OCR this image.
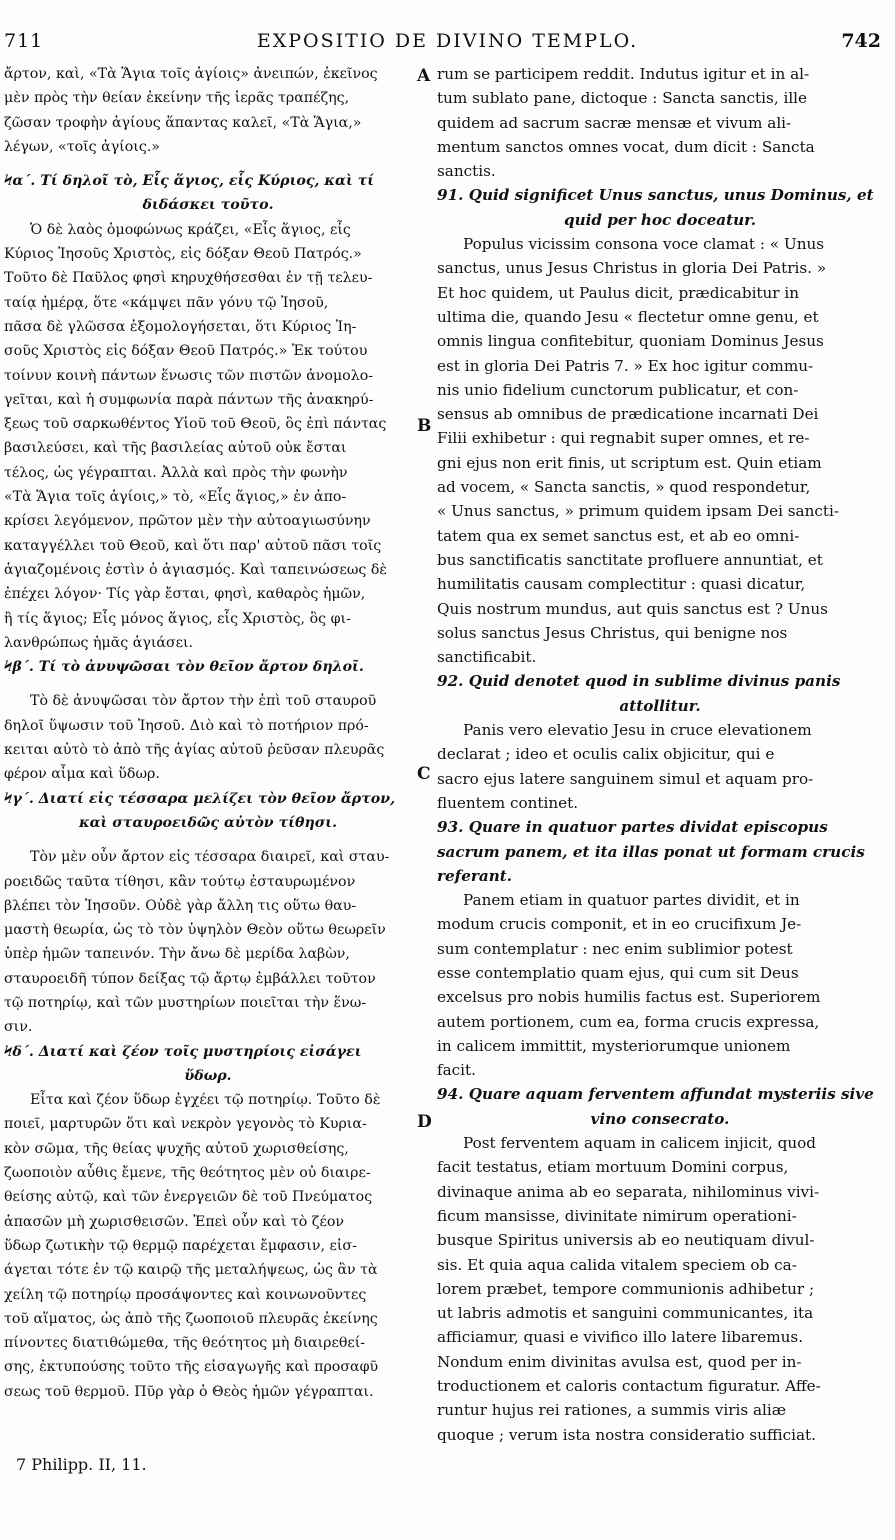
EXPOSITIO DE DIVINO TEMPLO.
711	742
ἄρτον, καὶ, «Τὰ Ἅγια τοῖς ἁγίοις» ἀνειπών, ἐκεῖνος
μὲν πρὸς τὴν θείαν ἐκείνην τῆς ἱερᾶς τραπέζης,
ζῶσαν τροφὴν ἁγίους ἅπαντας καλεῖ, «Τὰ Ἅγια,»
λέγων, «τοῖς ἁγίοις.»
Ϟα΄. Τί δηλοῖ τὸ, Εἷς ἅγιος, εἷς Κύριος, καὶ τί
διδάσκει τοῦτο.
Ὁ δὲ λαὸς ὁμοφώνως κράζει, «Εἷς ἅγιος, εἷς
Κύριος Ἰησοῦς Χριστὸς, εἰς δόξαν Θεοῦ Πατρός.»
Τοῦτο δὲ Παῦλος φησὶ κηρυχθήσεσθαι ἐν τῇ τελευ-
ταίᾳ ἡμέρᾳ, ὅτε «κάμψει πᾶν γόνυ τῷ Ἰησοῦ,
πᾶσα δὲ γλῶσσα ἐξομολογήσεται, ὅτι Κύριος Ἰη-
σοῦς Χριστὸς εἰς δόξαν Θεοῦ Πατρός.» Ἐκ τούτου
τοίνυν κοινὴ πάντων ἕνωσις τῶν πιστῶν ἀνομολο-
γεῖται, καὶ ἡ συμφωνία παρὰ πάντων τῆς ἀνακηρύ-
ξεως τοῦ σαρκωθέντος Υἱοῦ τοῦ Θεοῦ, ὃς ἐπὶ πάντας
βασιλεύσει, καὶ τῆς βασιλείας αὐτοῦ οὐκ ἔσται
τέλος, ὡς γέγραπται. Ἀλλὰ καὶ πρὸς τὴν φωνὴν
«Τὰ Ἅγια τοῖς ἁγίοις,» τὸ, «Εἷς ἅγιος,» ἐν ἀπο-
κρίσει λεγόμενον, πρῶτον μὲν τὴν αὐτοαγιωσύνην
καταγγέλλει τοῦ Θεοῦ, καὶ ὅτι παρ' αὐτοῦ πᾶσι τοῖς
ἁγιαζομένοις ἐστὶν ὁ ἁγιασμός. Καὶ ταπεινώσεως δὲ
ἐπέχει λόγον· Τίς γὰρ ἔσται, φησὶ, καθαρὸς ἡμῶν,
ἢ τίς ἅγιος; Εἷς μόνος ἅγιος, εἷς Χριστὸς, ὃς φι-
λανθρώπως ἡμᾶς ἁγιάσει.
Ϟβ΄. Τί τὸ ἀνυψῶσαι τὸν θεῖον ἄρτον δηλοῖ.
Τὸ δὲ ἀνυψῶσαι τὸν ἄρτον τὴν ἐπὶ τοῦ σταυροῦ
δηλοῖ ὕψωσιν τοῦ Ἰησοῦ. Διὸ καὶ τὸ ποτήριον πρό-
κειται αὐτὸ τὸ ἀπὸ τῆς ἁγίας αὐτοῦ ῥεῦσαν πλευρᾶς
φέρον αἷμα καὶ ὕδωρ.
Ϟγ΄. Διατί εἰς τέσσαρα μελίζει τὸν θεῖον ἄρτον,
καὶ σταυροειδῶς αὐτὸν τίθησι.
Τὸν μὲν οὖν ἄρτον εἰς τέσσαρα διαιρεῖ, καὶ σταυ-
ροειδῶς ταῦτα τίθησι, κἂν τούτῳ ἐσταυρωμένον
βλέπει τὸν Ἰησοῦν. Οὐδὲ γὰρ ἄλλη τις οὕτω θαυ-
μαστὴ θεωρία, ὡς τὸ τὸν ὑψηλὸν Θεὸν οὕτω θεωρεῖν
ὑπὲρ ἡμῶν ταπεινόν. Τὴν ἄνω δὲ μερίδα λαβὼν,
σταυροειδῆ τύπον δείξας τῷ ἄρτῳ ἐμβάλλει τοῦτον
τῷ ποτηρίῳ, καὶ τῶν μυστηρίων ποιεῖται τὴν ἕνω-
σιν.
Ϟδ΄. Διατί καὶ ζέον τοῖς μυστηρίοις εἰσάγει
ὕδωρ.
Εἶτα καὶ ζέον ὕδωρ ἐγχέει τῷ ποτηρίῳ. Τοῦτο δὲ
ποιεῖ, μαρτυρῶν ὅτι καὶ νεκρὸν γεγονὸς τὸ Κυρια-
κὸν σῶμα, τῆς θείας ψυχῆς αὐτοῦ χωρισθείσης,
ζωοποιὸν αὖθις ἔμενε, τῆς θεότητος μὲν οὐ διαιρε-
θείσης αὐτῷ, καὶ τῶν ἐνεργειῶν δὲ τοῦ Πνεύματος
ἁπασῶν μὴ χωρισθεισῶν. Ἐπεὶ οὖν καὶ τὸ ζέον
ὕδωρ ζωτικὴν τῷ θερμῷ παρέχεται ἔμφασιν, εἰσ-
άγεται τότε ἐν τῷ καιρῷ τῆς μεταλήψεως, ὡς ἂν τὰ
χείλη τῷ ποτηρίῳ προσάψοντες καὶ κοινωνοῦντες
τοῦ αἵματος, ὡς ἀπὸ τῆς ζωοποιοῦ πλευρᾶς ἐκείνης
πίνοντες διατιθώμεθα, τῆς θεότητος μὴ διαιρεθεί-
σης, ἐκτυπούσης τοῦτο τῆς εἰσαγωγῆς καὶ προσαφῦ
σεως τοῦ θερμοῦ. Πῦρ γὰρ ὁ Θεὸς ἡμῶν γέγραπται.
rum se participem reddit. Indutus igitur et in al-
tum sublato pane, dictoque : Sancta sanctis, ille
quidem ad sacrum sacræ mensæ et vivum ali-
mentum sanctos omnes vocat, dum dicit : Sancta
sanctis.
91. Quid significet Unus sanctus, unus Dominus, et
quid per hoc doceatur.
Populus vicissim consona voce clamat : « Unus
sanctus, unus Jesus Christus in gloria Dei Patris. »
Et hoc quidem, ut Paulus dicit, prædicabitur in
ultima die, quando Jesu « flectetur omne genu, et
omnis lingua confitebitur, quoniam Dominus Jesus
est in gloria Dei Patris 7. » Ex hoc igitur commu-
nis unio fidelium cunctorum publicatur, et con-
sensus ab omnibus de prædicatione incarnati Dei
Filii exhibetur : qui regnabit super omnes, et re-
gni ejus non erit finis, ut scriptum est. Quin etiam
ad vocem, « Sancta sanctis, » quod respondetur,
« Unus sanctus, » primum quidem ipsam Dei sancti-
tatem qua ex semet sanctus est, et ab eo omni-
bus sanctificatis sanctitate profluere annuntiat, et
humilitatis causam complectitur : quasi dicatur,
Quis nostrum mundus, aut quis sanctus est ? Unus
solus sanctus Jesus Christus, qui benigne nos
sanctificabit.
92. Quid denotet quod in sublime divinus panis
attollitur.
Panis vero elevatio Jesu in cruce elevationem
declarat ; ideo et oculis calix objicitur, qui e
sacro ejus latere sanguinem simul et aquam pro-
fluentem continet.
93. Quare in quatuor partes dividat episcopus
sacrum panem, et ita illas ponat ut formam crucis
referant.
Panem etiam in quatuor partes dividit, et in
modum crucis componit, et in eo crucifixum Je-
sum contemplatur : nec enim sublimior potest
esse contemplatio quam ejus, qui cum sit Deus
excelsus pro nobis humilis factus est. Superiorem
autem portionem, cum ea, forma crucis expressa,
in calicem immittit, mysteriorumque unionem
facit.
94. Quare aquam ferventem affundat mysteriis sive
vino consecrato.
Post ferventem aquam in calicem injicit, quod
facit testatus, etiam mortuum Domini corpus,
divinaque anima ab eo separata, nihilominus vivi-
ficum mansisse, divinitate nimirum operationi-
busque Spiritus universis ab eo neutiquam divul-
sis. Et quia aqua calida vitalem speciem ob ca-
lorem præbet, tempore communionis adhibetur ;
ut labris admotis et sanguini communicantes, ita
afficiamur, quasi e vivifico illo latere libaremus.
Nondum enim divinitas avulsa est, quod per in-
troductionem et caloris contactum figuratur. Affe-
runtur hujus rei rationes, a summis viris aliæ
quoque ; verum ista nostra consideratio sufficiat.
A
B
C
D
7 Philipp. II, 11.
